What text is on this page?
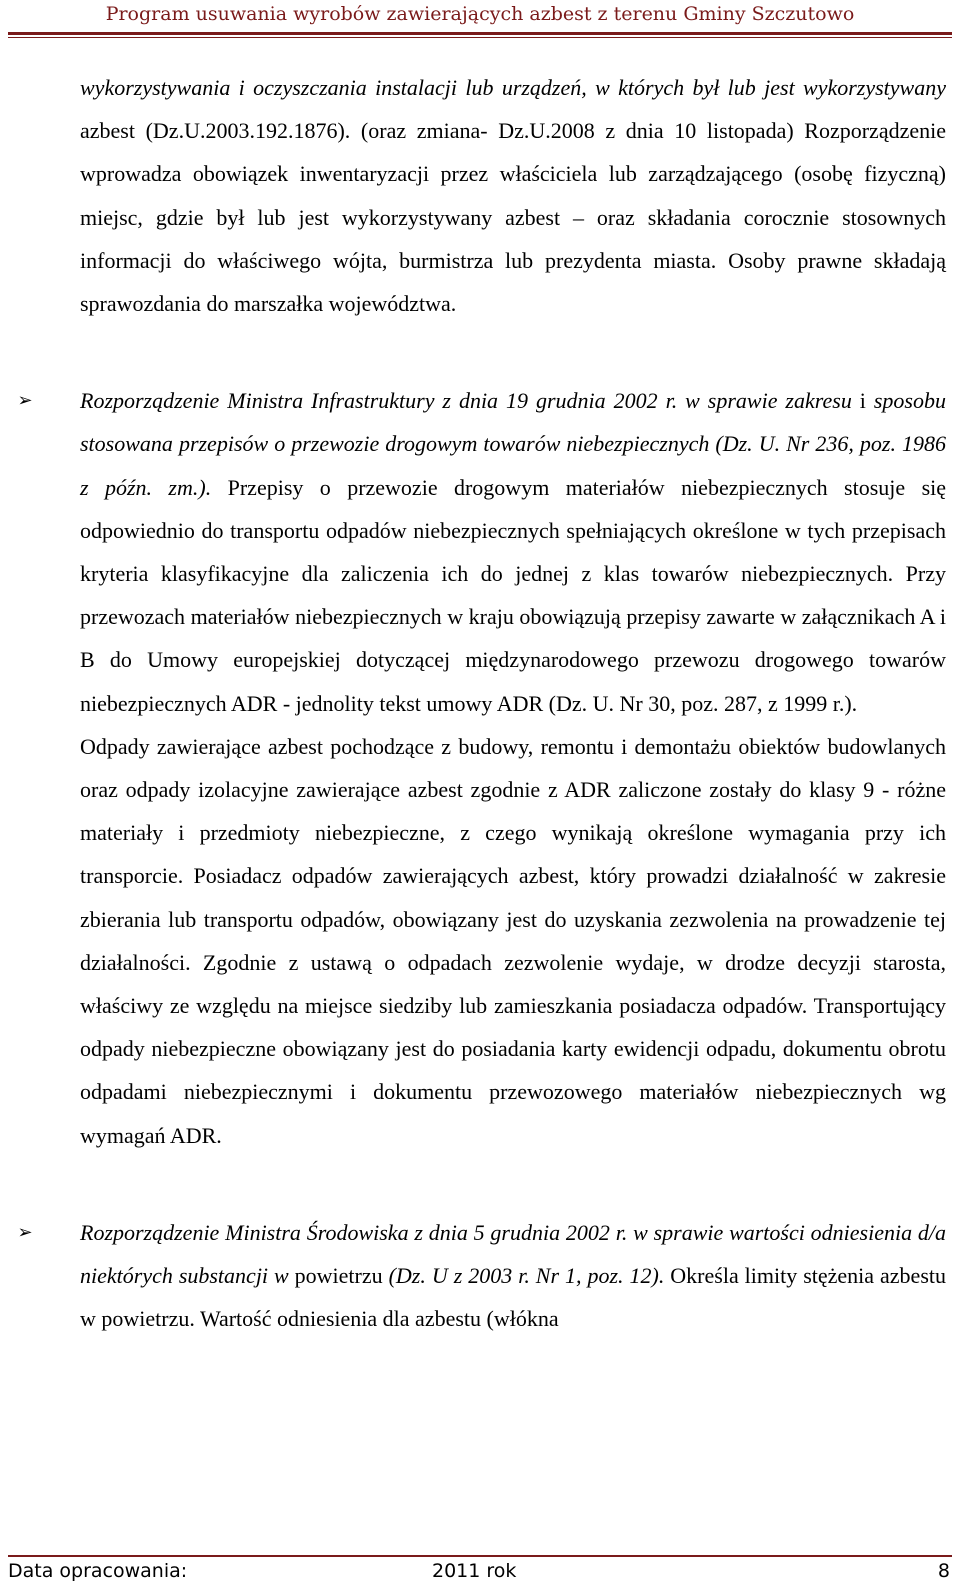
Program usuwania wyrobów zawierających azbest z terenu Gminy Szczutowo

wykorzystywania i oczyszczania instalacji lub urządzeń, w których był lub jest wykorzystywany azbest (Dz.U.2003.192.1876). (oraz zmiana- Dz.U.2008 z dnia 10 listopada) Rozporządzenie wprowadza obowiązek inwentaryzacji przez właściciela lub zarządzającego (osobę fizyczną) miejsc, gdzie był lub jest wykorzystywany azbest – oraz składania corocznie stosownych informacji do właściwego wójta, burmistrza lub prezydenta miasta. Osoby prawne składają sprawozdania do marszałka województwa.

➢ Rozporządzenie Ministra Infrastruktury z dnia 19 grudnia 2002 r. w sprawie zakresu i sposobu stosowana przepisów o przewozie drogowym towarów niebezpiecznych (Dz. U. Nr 236, poz. 1986 z późn. zm.). Przepisy o przewozie drogowym materiałów niebezpiecznych stosuje się odpowiednio do transportu odpadów niebezpiecznych spełniających określone w tych przepisach kryteria klasyfikacyjne dla zaliczenia ich do jednej z klas towarów niebezpiecznych. Przy przewozach materiałów niebezpiecznych w kraju obowiązują przepisy zawarte w załącznikach A i B do Umowy europejskiej dotyczącej międzynarodowego przewozu drogowego towarów niebezpiecznych ADR - jednolity tekst umowy ADR (Dz. U. Nr 30, poz. 287, z 1999 r.).

Odpady zawierające azbest pochodzące z budowy, remontu i demontażu obiektów budowlanych oraz odpady izolacyjne zawierające azbest zgodnie z ADR zaliczone zostały do klasy 9 - różne materiały i przedmioty niebezpieczne, z czego wynikają określone wymagania przy ich transporcie. Posiadacz odpadów zawierających azbest, który prowadzi działalność w zakresie zbierania lub transportu odpadów, obowiązany jest do uzyskania zezwolenia na prowadzenie tej działalności. Zgodnie z ustawą o odpadach zezwolenie wydaje, w drodze decyzji starosta, właściwy ze względu na miejsce siedziby lub zamieszkania posiadacza odpadów. Transportujący odpady niebezpieczne obowiązany jest do posiadania karty ewidencji odpadu, dokumentu obrotu odpadami niebezpiecznymi i dokumentu przewozowego materiałów niebezpiecznych wg wymagań ADR.

➢ Rozporządzenie Ministra Środowiska z dnia 5 grudnia 2002 r. w sprawie wartości odniesienia d/a niektórych substancji w powietrzu (Dz. U z 2003 r. Nr 1, poz. 12). Określa limity stężenia azbestu w powietrzu. Wartość odniesienia dla azbestu (włókna

Data opracowania:	2011 rok	8
